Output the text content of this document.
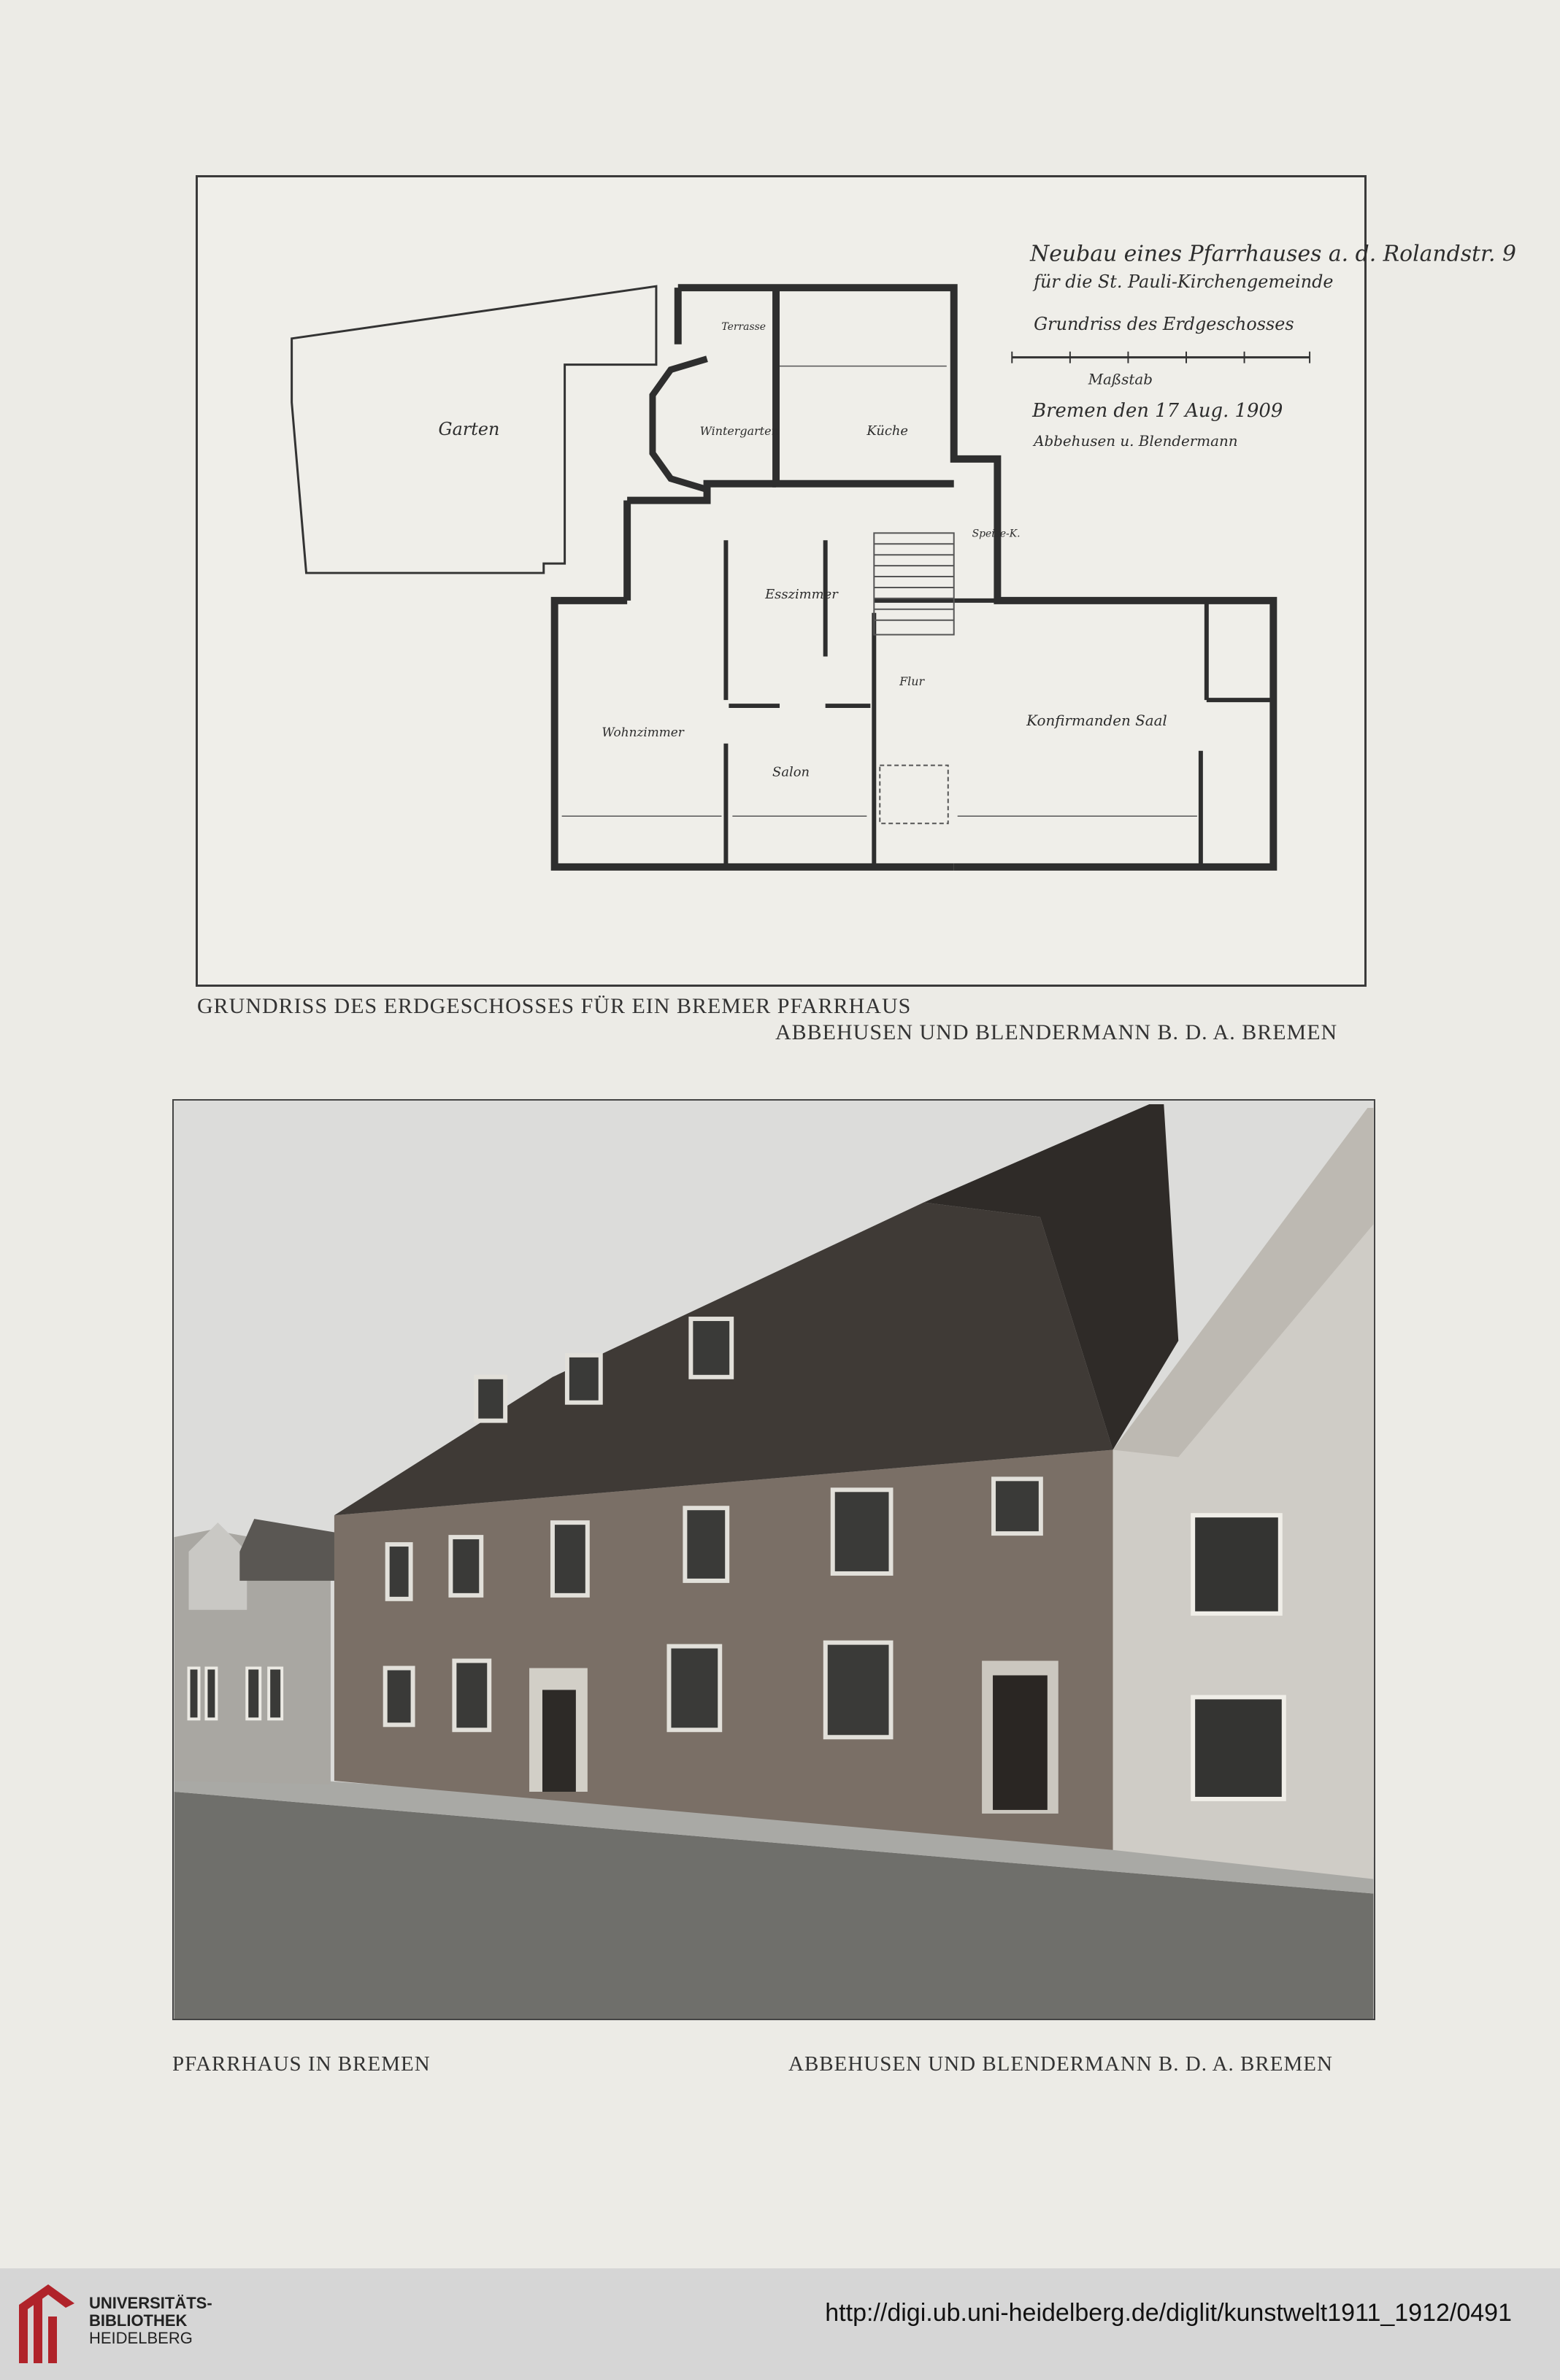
Neubau eines Pfarrhauses a. d. Rolandstr. 9
für die St. Pauli-Kirchengemeinde
Grundriss des Erdgeschosses
Maßstab
Bremen den 17 Aug. 1909
Abbehusen u. Blendermann
Garten
Terrasse
Wintergarten	Küche
Speise-K.
Esszimmer
Flur
Wohnzimmer
Salon
Konfirmanden Saal
GRUNDRISS DES ERDGESCHOSSES FÜR EIN BREMER PFARRHAUS
ABBEHUSEN UND BLENDERMANN B. D. A. BREMEN
PFARRHAUS IN BREMEN	ABBEHUSEN UND BLENDERMANN B. D. A. BREMEN
UNIVERSITÄTS-
BIBLIOTHEK
HEIDELBERG
http://digi.ub.uni-heidelberg.de/diglit/kunstwelt1911_1912/0491
